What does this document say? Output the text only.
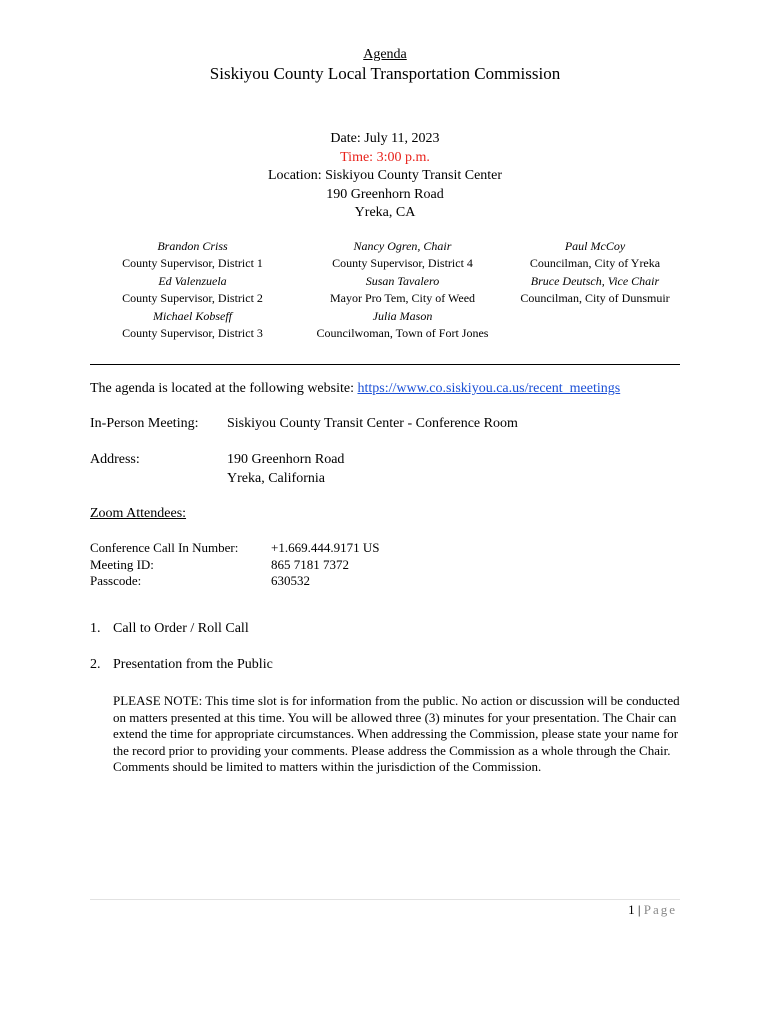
Agenda
Siskiyou County Local Transportation Commission
Date: July 11, 2023
Time: 3:00 p.m.
Location: Siskiyou County Transit Center
190 Greenhorn Road
Yreka, CA
Brandon Criss
County Supervisor, District 1
Ed Valenzuela
County Supervisor, District 2
Michael Kobseff
County Supervisor, District 3
Nancy Ogren, Chair
County Supervisor, District 4
Susan Tavalero
Mayor Pro Tem, City of Weed
Julia Mason
Councilwoman, Town of Fort Jones
Paul McCoy
Councilman, City of Yreka
Bruce Deutsch, Vice Chair
Councilman, City of Dunsmuir
The agenda is located at the following website: https://www.co.siskiyou.ca.us/recent_meetings
In-Person Meeting: Siskiyou County Transit Center - Conference Room
Address:	190 Greenhorn Road
Yreka, California
Zoom Attendees:
Conference Call In Number:	+1.669.444.9171 US
Meeting ID:	865 7181 7372
Passcode:	630532
1. Call to Order / Roll Call
2. Presentation from the Public
PLEASE NOTE: This time slot is for information from the public. No action or discussion will be conducted on matters presented at this time. You will be allowed three (3) minutes for your presentation. The Chair can extend the time for appropriate circumstances. When addressing the Commission, please state your name for the record prior to providing your comments. Please address the Commission as a whole through the Chair. Comments should be limited to matters within the jurisdiction of the Commission.
1 | Page
